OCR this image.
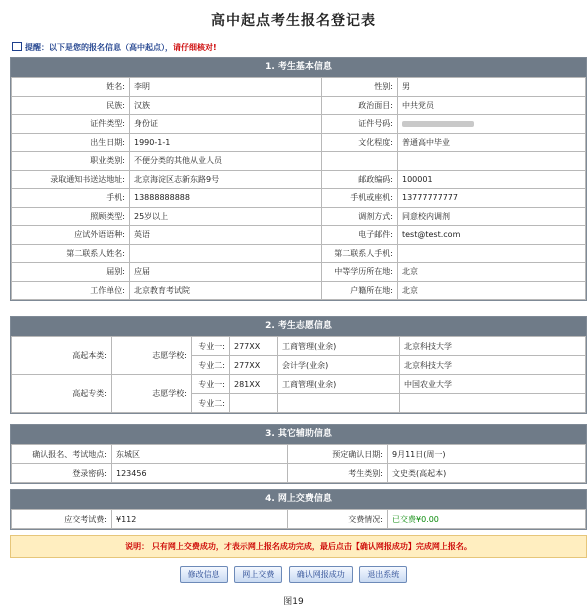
高中起点考生报名登记表
提醒：以下是您的报名信息（高中起点），请仔细核对!
1. 考生基本信息
姓名:	李明	性别:	男
民族:	汉族	政治面目:	中共党员
证件类型:	身份证	证件号码:	
出生日期:	1990-1-1	文化程度:	普通高中毕业
职业类别:	不便分类的其他从业人员		
录取通知书送达地址:	北京海淀区志新东路9号	邮政编码:	100001
手机:	13888888888	手机或座机:	13777777777
照顾类型:	25岁以上	调剂方式:	同意校内调剂
应试外语语种:	英语	电子邮件:	test@test.com
第二联系人姓名:		第二联系人手机:	
届别:	应届	中等学历所在地:	北京
工作单位:	北京教育考试院	户籍所在地:	北京
2. 考生志愿信息
高起本类:	志愿学校:	专业一:	277XX	工商管理(业余)	北京科技大学
		专业二:	277XX	会计学(业余)	北京科技大学
高起专类:	志愿学校:	专业一:	281XX	工商管理(业余)	中国农业大学
		专业二:			
3. 其它辅助信息
确认报名、考试地点:	东城区	预定确认日期:	9月11日(周一)
登录密码:	123456	考生类别:	文史类(高起本)
4. 网上交费信息
应交考试费:	¥112	交费情况:	已交费¥0.00
说明： 只有网上交费成功，才表示网上报名成功完成，最后点击【确认网报成功】完成网上报名。
修改信息	网上交费	确认网报成功	退出系统
图19
